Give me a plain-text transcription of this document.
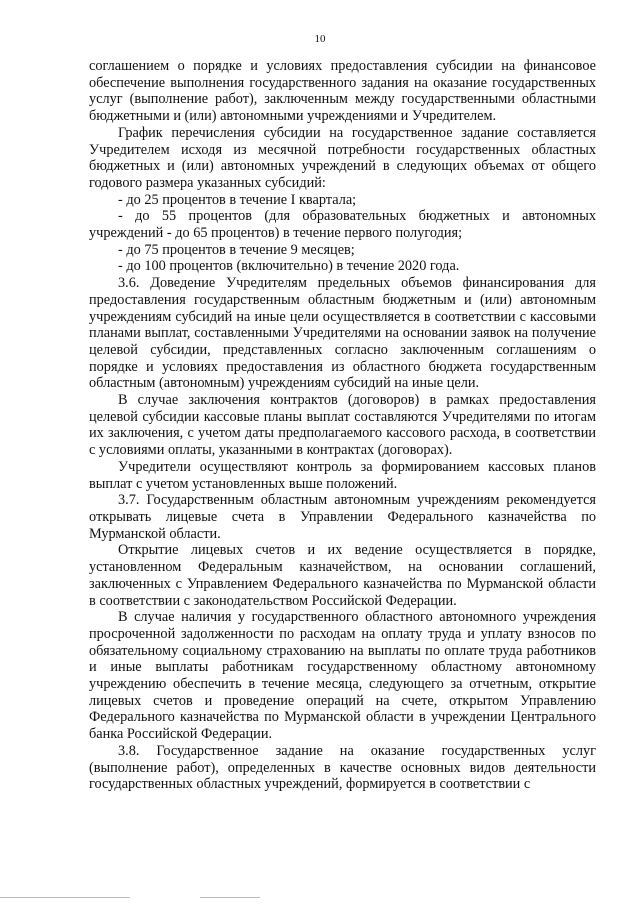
10

соглашением о порядке и условиях предоставления субсидии на финансовое обеспечение выполнения государственного задания на оказание государственных услуг (выполнение работ), заключенным между государственными областными бюджетными и (или) автономными учреждениями и Учредителем.

График перечисления субсидии на государственное задание составляется Учредителем исходя из месячной потребности государственных областных бюджетных и (или) автономных учреждений в следующих объемах от общего годового размера указанных субсидий:

- до 25 процентов в течение I квартала;

- до 55 процентов (для образовательных бюджетных и автономных учреждений - до 65 процентов) в течение первого полугодия;

- до 75 процентов в течение 9 месяцев;

- до 100 процентов (включительно) в течение 2020 года.

3.6. Доведение Учредителям предельных объемов финансирования для предоставления государственным областным бюджетным и (или) автономным учреждениям субсидий на иные цели осуществляется в соответствии с кассовыми планами выплат, составленными Учредителями на основании заявок на получение целевой субсидии, представленных согласно заключенным соглашениям о порядке и условиях предоставления из областного бюджета государственным областным (автономным) учреждениям субсидий на иные цели.

В случае заключения контрактов (договоров) в рамках предоставления целевой субсидии кассовые планы выплат составляются Учредителями по итогам их заключения, с учетом даты предполагаемого кассового расхода, в соответствии с условиями оплаты, указанными в контрактах (договорах).

Учредители осуществляют контроль за формированием кассовых планов выплат с учетом установленных выше положений.

3.7. Государственным областным автономным учреждениям рекомендуется открывать лицевые счета в Управлении Федерального казначейства по Мурманской области.

Открытие лицевых счетов и их ведение осуществляется в порядке, установленном Федеральным казначейством, на основании соглашений, заключенных с Управлением Федерального казначейства по Мурманской области в соответствии с законодательством Российской Федерации.

В случае наличия у государственного областного автономного учреждения просроченной задолженности по расходам на оплату труда и уплату взносов по обязательному социальному страхованию на выплаты по оплате труда работников и иные выплаты работникам государственному областному автономному учреждению обеспечить в течение месяца, следующего за отчетным, открытие лицевых счетов и проведение операций на счете, открытом Управлению Федерального казначейства по Мурманской области в учреждении Центрального банка Российской Федерации.

3.8. Государственное задание на оказание государственных услуг (выполнение работ), определенных в качестве основных видов деятельности государственных областных учреждений, формируется в соответствии с
